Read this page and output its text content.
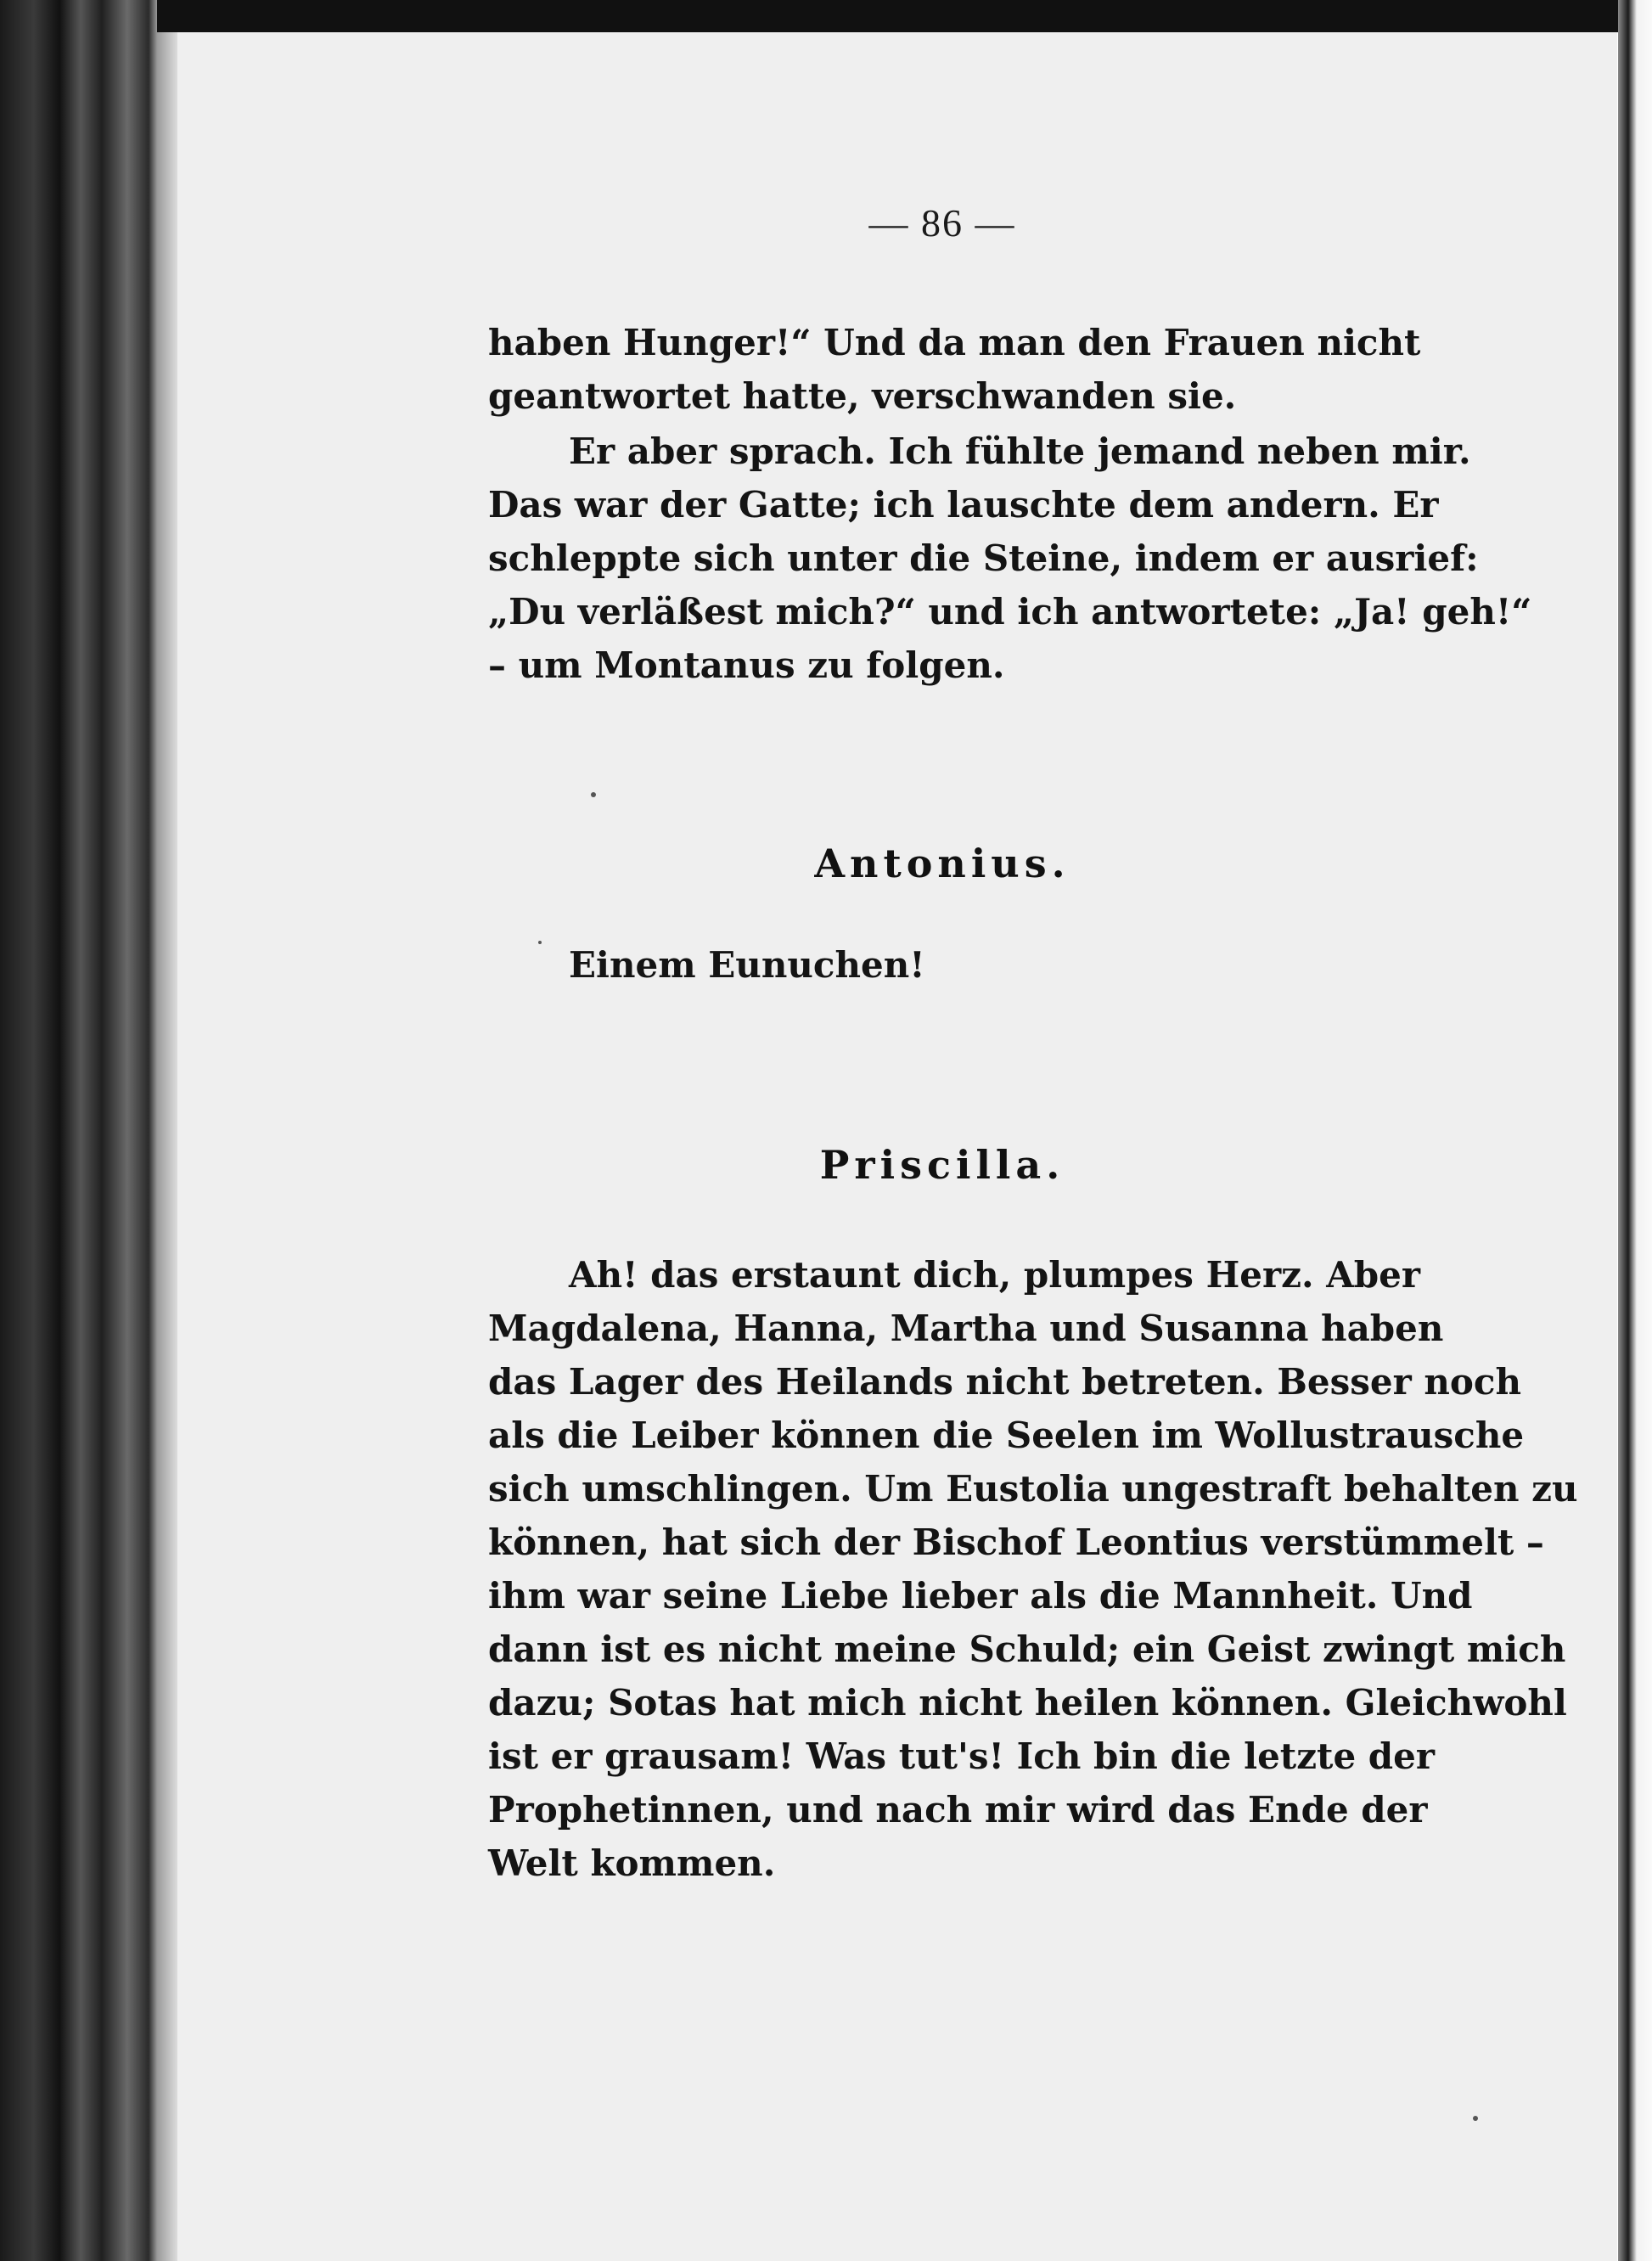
— 86 —

haben Hunger!“ Und da man den Frauen nicht
geantwortet hatte, verschwanden sie.

Er aber sprach. Ich fühlte jemand neben mir.
Das war der Gatte; ich lauschte dem andern. Er
schleppte sich unter die Steine, indem er ausrief:
„Du verläßest mich?“ und ich antwortete: „Ja! geh!“
– um Montanus zu folgen.

Antonius.

Einem Eunuchen!

Priscilla.

Ah! das erstaunt dich, plumpes Herz. Aber
Magdalena, Hanna, Martha und Susanna haben
das Lager des Heilands nicht betreten. Besser noch
als die Leiber können die Seelen im Wollustrausche
sich umschlingen. Um Eustolia ungestraft behalten zu
können, hat sich der Bischof Leontius verstümmelt –
ihm war seine Liebe lieber als die Mannheit. Und
dann ist es nicht meine Schuld; ein Geist zwingt mich
dazu; Sotas hat mich nicht heilen können. Gleichwohl
ist er grausam! Was tut's! Ich bin die letzte der
Prophetinnen, und nach mir wird das Ende der
Welt kommen.
